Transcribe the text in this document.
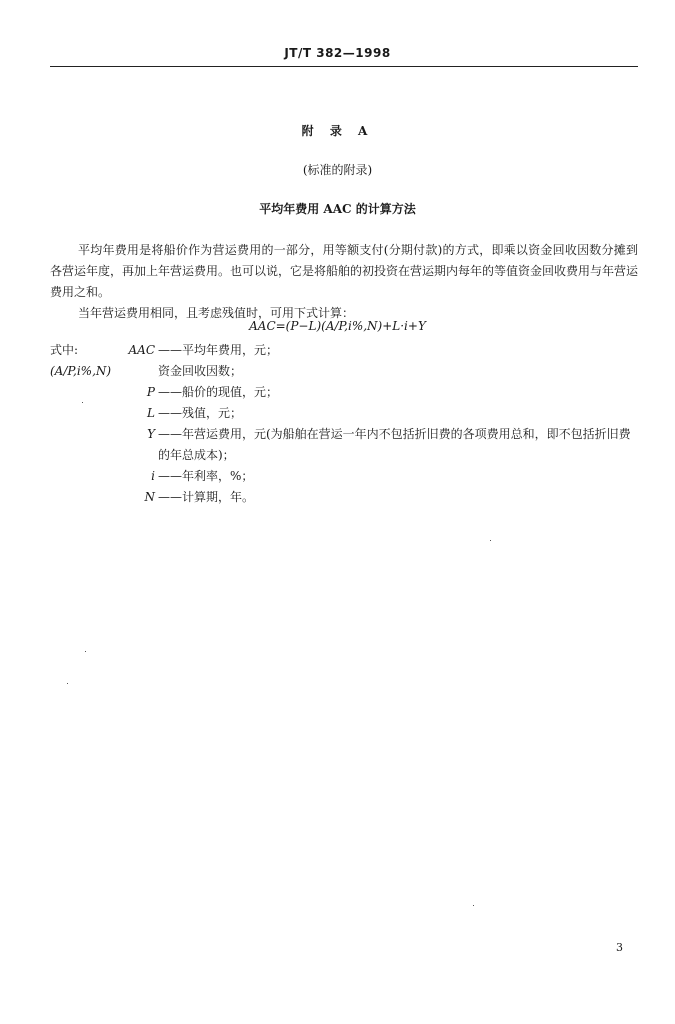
JT/T 382—1998
附 录 A
(标准的附录)
平均年费用 AAC 的计算方法

平均年费用是将船价作为营运费用的一部分，用等额支付(分期付款)的方式，即乘以资金回收因数分摊到各营运年度，再加上年营运费用。也可以说，它是将船舶的初投资在营运期内每年的等值资金回收费用与年营运费用之和。

当年营运费用相同，且考虑残值时，可用下式计算：

AAC=(P−L)(A/P,i%,N)+L·i+Y
式中:	AAC ——平均年费用，元；
(A/P,i%,N)	资金回收因数；
P ——船价的现值，元；
L ——残值，元；
Y ——年营运费用，元(为船舶在营运一年内不包括折旧费的各项费用总和，即不包括折旧费的年总成本)；
i ——年利率，%；
N ——计算期，年。
3
